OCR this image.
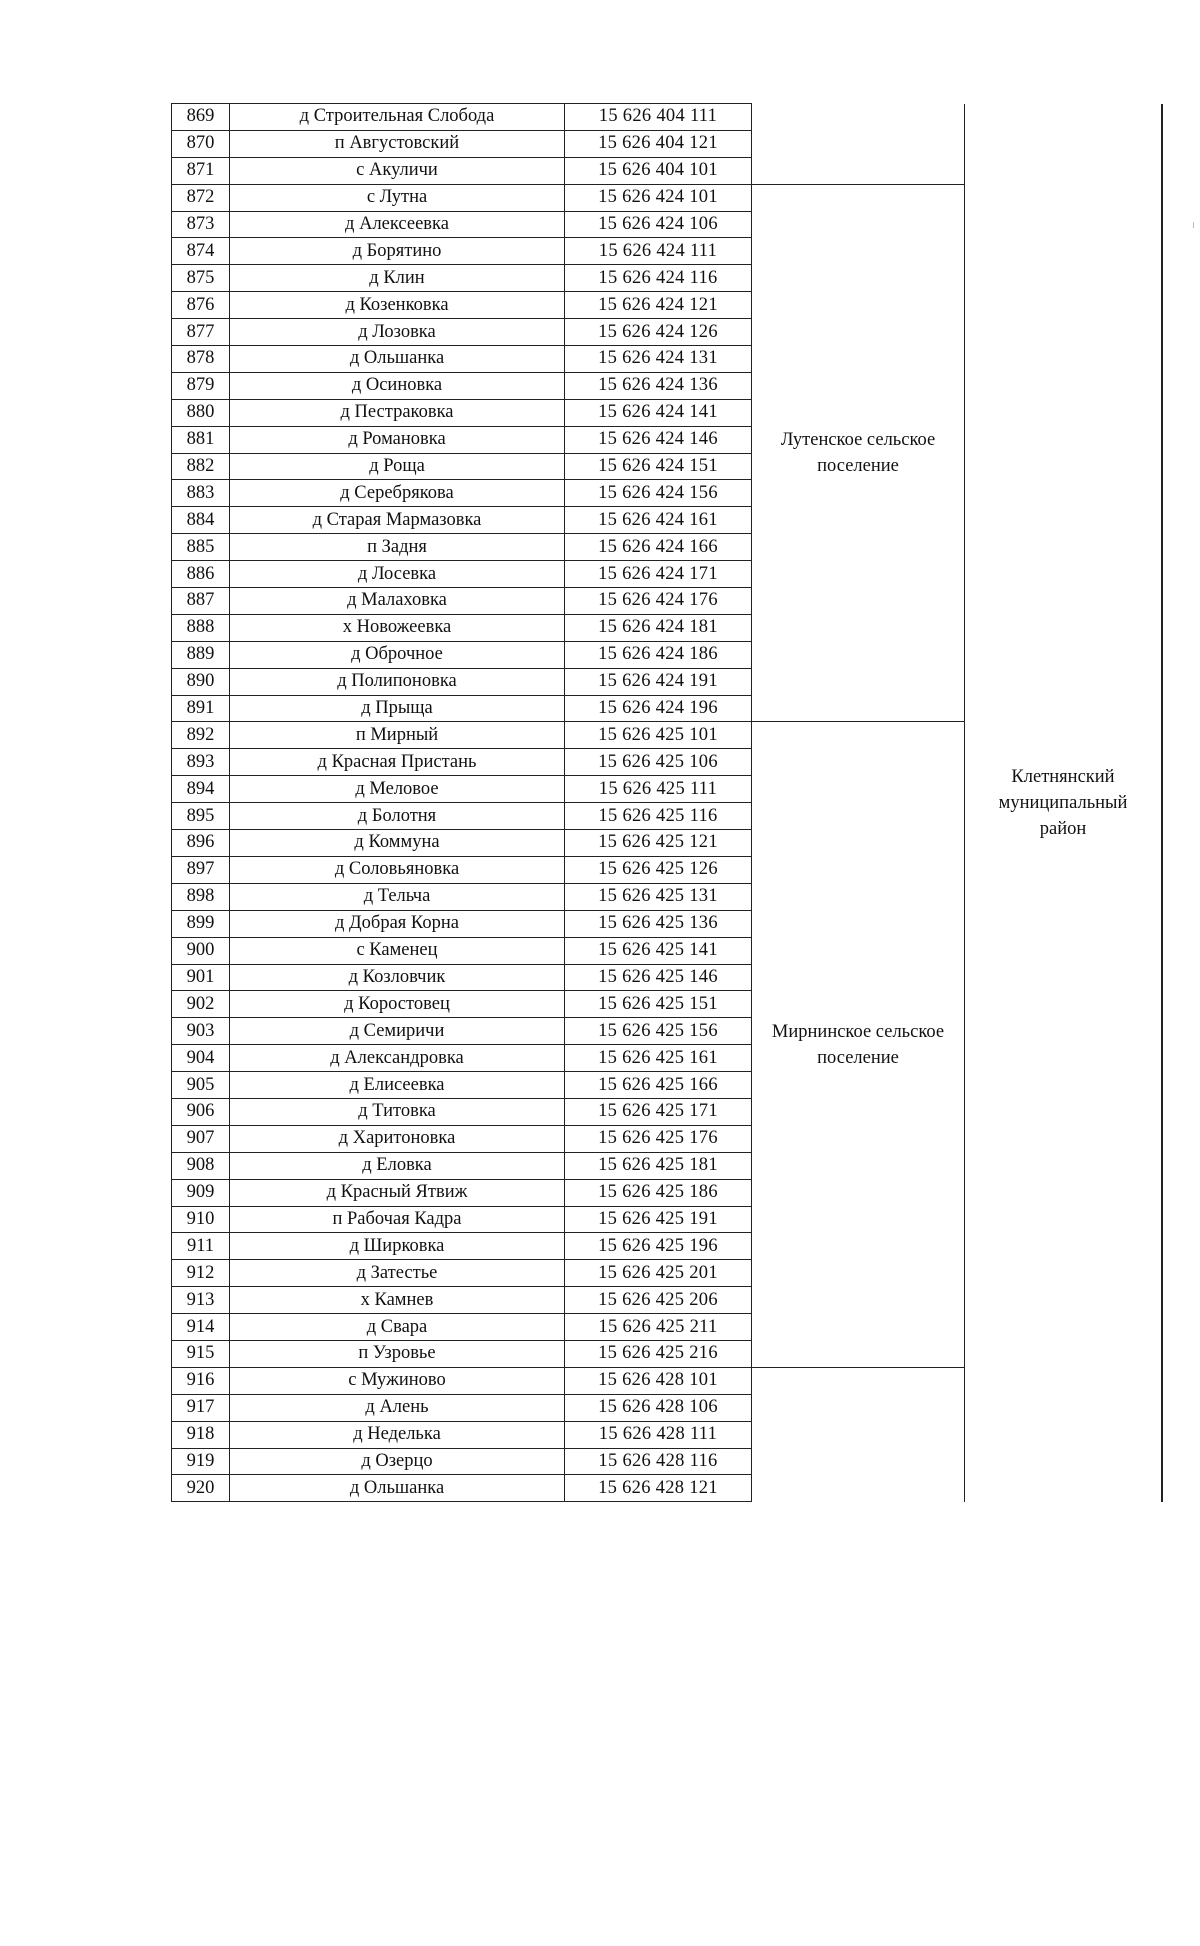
869	д Строительная Слобода	15 626 404 111		Клетнянский муниципальный район
870	п Августовский	15 626 404 121		
871	с Акуличи	15 626 404 101		
872	с Лутна	15 626 424 101	Лутенское сельское поселение	
873	д Алексеевка	15 626 424 106		
874	д Борятино	15 626 424 111		
875	д Клин	15 626 424 116		
876	д Козенковка	15 626 424 121		
877	д Лозовка	15 626 424 126		
878	д Ольшанка	15 626 424 131		
879	д Осиновка	15 626 424 136		
880	д Пестраковка	15 626 424 141		
881	д Романовка	15 626 424 146		
882	д Роща	15 626 424 151		
883	д Серебрякова	15 626 424 156		
884	д Старая Мармазовка	15 626 424 161		
885	п Задня	15 626 424 166		
886	д Лосевка	15 626 424 171		
887	д Малаховка	15 626 424 176		
888	х Новожеевка	15 626 424 181		
889	д Оброчное	15 626 424 186		
890	д Полипоновка	15 626 424 191		
891	д Прыща	15 626 424 196		
892	п Мирный	15 626 425 101	Мирнинское сельское поселение	
893	д Красная Пристань	15 626 425 106		
894	д Меловое	15 626 425 111		
895	д Болотня	15 626 425 116		
896	д Коммуна	15 626 425 121		
897	д Соловьяновка	15 626 425 126		
898	д Тельча	15 626 425 131		
899	д Добрая Корна	15 626 425 136		
900	с Каменец	15 626 425 141		
901	д Козловчик	15 626 425 146		
902	д Коростовец	15 626 425 151		
903	д Семиричи	15 626 425 156		
904	д Александровка	15 626 425 161		
905	д Елисеевка	15 626 425 166		
906	д Титовка	15 626 425 171		
907	д Харитоновка	15 626 425 176		
908	д Еловка	15 626 425 181		
909	д Красный Ятвиж	15 626 425 186		
910	п Рабочая Кадра	15 626 425 191		
911	д Ширковка	15 626 425 196		
912	д Затестье	15 626 425 201		
913	х Камнев	15 626 425 206		
914	д Свара	15 626 425 211		
915	п Узровье	15 626 425 216		
916	с Мужиново	15 626 428 101		
917	д Алень	15 626 428 106		
918	д Неделька	15 626 428 111		
919	д Озерцо	15 626 428 116		
920	д Ольшанка	15 626 428 121		
